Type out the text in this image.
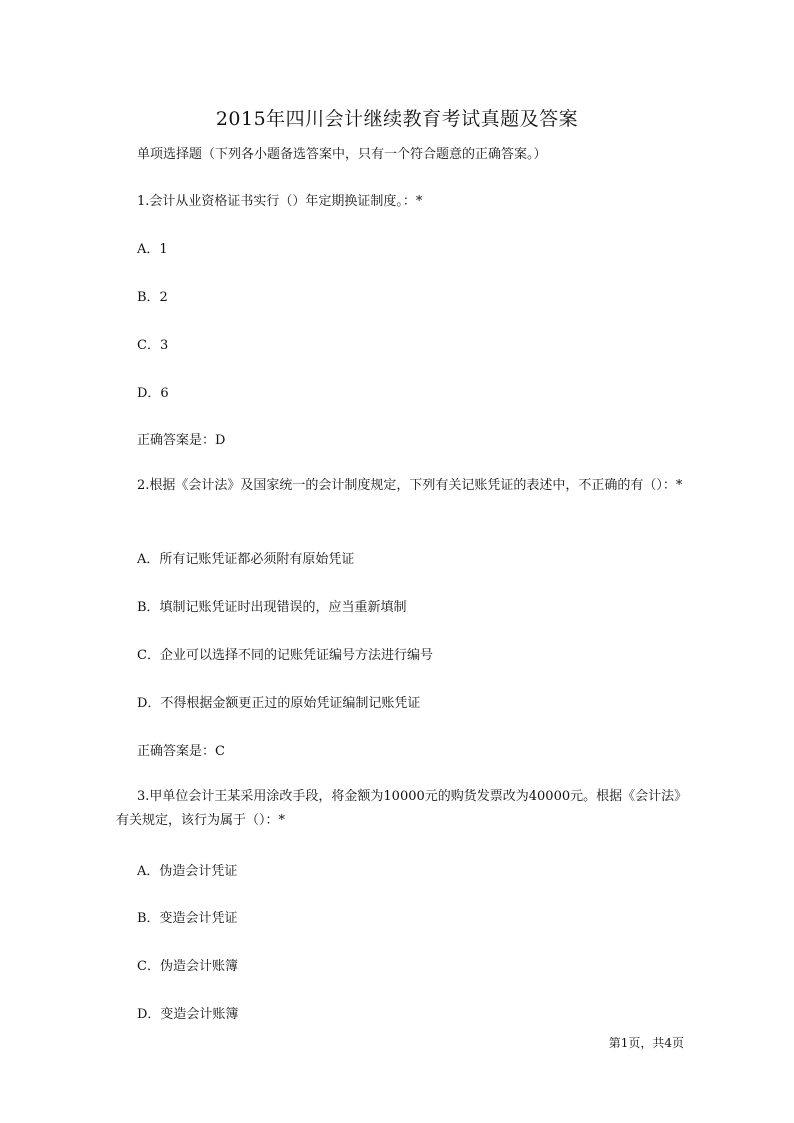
2015年四川会计继续教育考试真题及答案
单项选择题（下列各小题备选答案中，只有一个符合题意的正确答案。）
1.会计从业资格证书实行（）年定期换证制度。：*
A．1
B．2
C．3
D．6
正确答案是：D
2.根据《会计法》及国家统一的会计制度规定，下列有关记账凭证的表述中，不正确的有（）：*
A．所有记账凭证都必须附有原始凭证
B．填制记账凭证时出现错误的，应当重新填制
C．企业可以选择不同的记账凭证编号方法进行编号
D．不得根据金额更正过的原始凭证编制记账凭证
正确答案是：C
3.甲单位会计王某采用涂改手段，将金额为10000元的购货发票改为40000元。根据《会计法》有关规定，该行为属于（）：*
A．伪造会计凭证
B．变造会计凭证
C．伪造会计账簿
D．变造会计账簿
第1页，共4页
